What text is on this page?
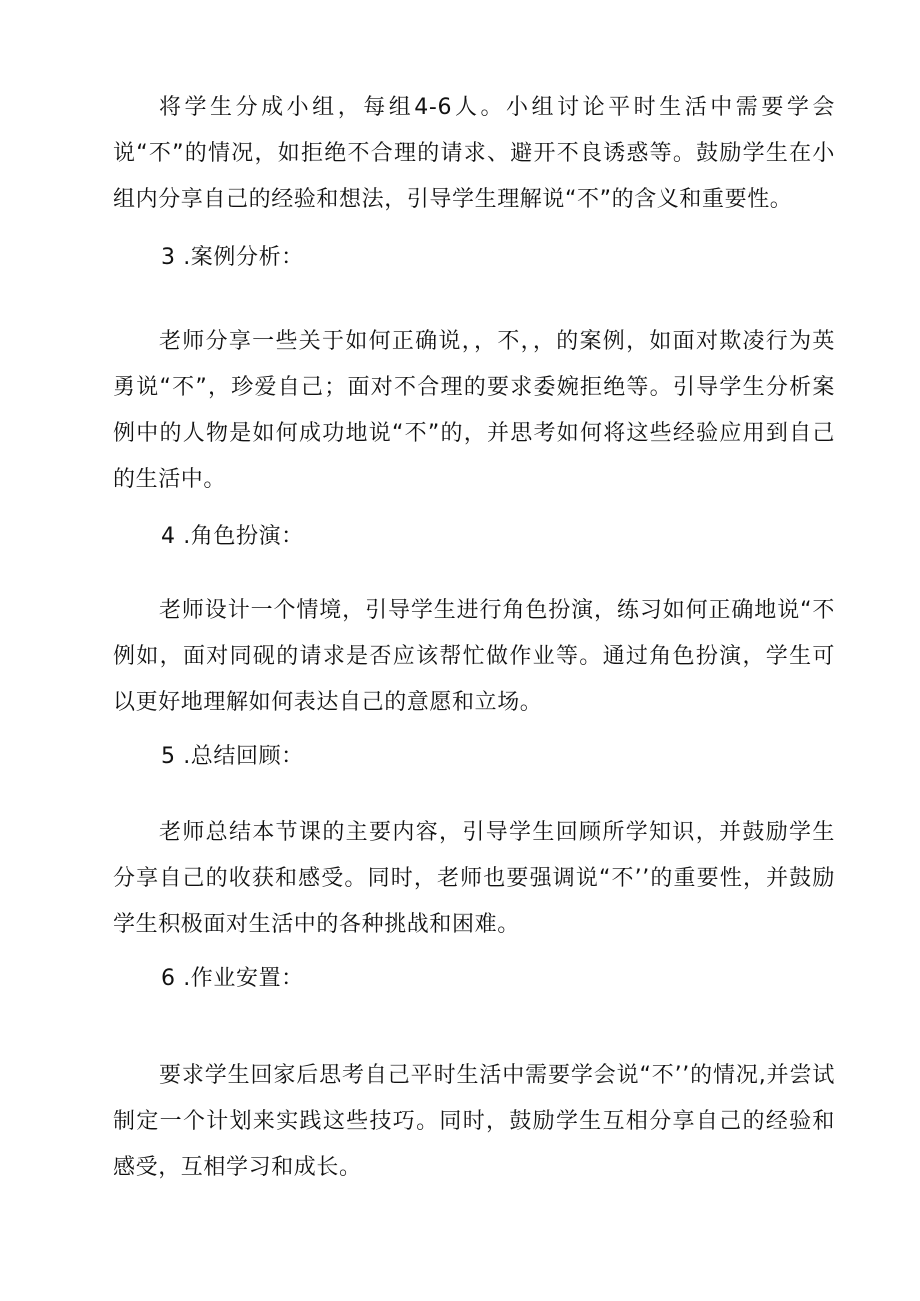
将学生分成小组，每组4-6人。小组讨论平时生活中需要学会说“不”的情况，如拒绝不合理的请求、避开不良诱惑等。鼓励学生在小组内分享自己的经验和想法，引导学生理解说“不”的含义和重要性。

3 .案例分析：

老师分享一些关于如何正确说，，不，，的案例，如面对欺凌行为英勇说“不”，珍爱自己；面对不合理的要求委婉拒绝等。引导学生分析案例中的人物是如何成功地说“不”的，并思考如何将这些经验应用到自己的生活中。

4 .角色扮演：

老师设计一个情境，引导学生进行角色扮演，练习如何正确地说“不例如，面对同砚的请求是否应该帮忙做作业等。通过角色扮演，学生可以更好地理解如何表达自己的意愿和立场。

5 .总结回顾：

老师总结本节课的主要内容，引导学生回顾所学知识，并鼓励学生分享自己的收获和感受。同时，老师也要强调说“不’’的重要性，并鼓励学生积极面对生活中的各种挑战和困难。

6 .作业安置：

要求学生回家后思考自己平时生活中需要学会说“不’’的情况,并尝试制定一个计划来实践这些技巧。同时，鼓励学生互相分享自己的经验和感受，互相学习和成长。
